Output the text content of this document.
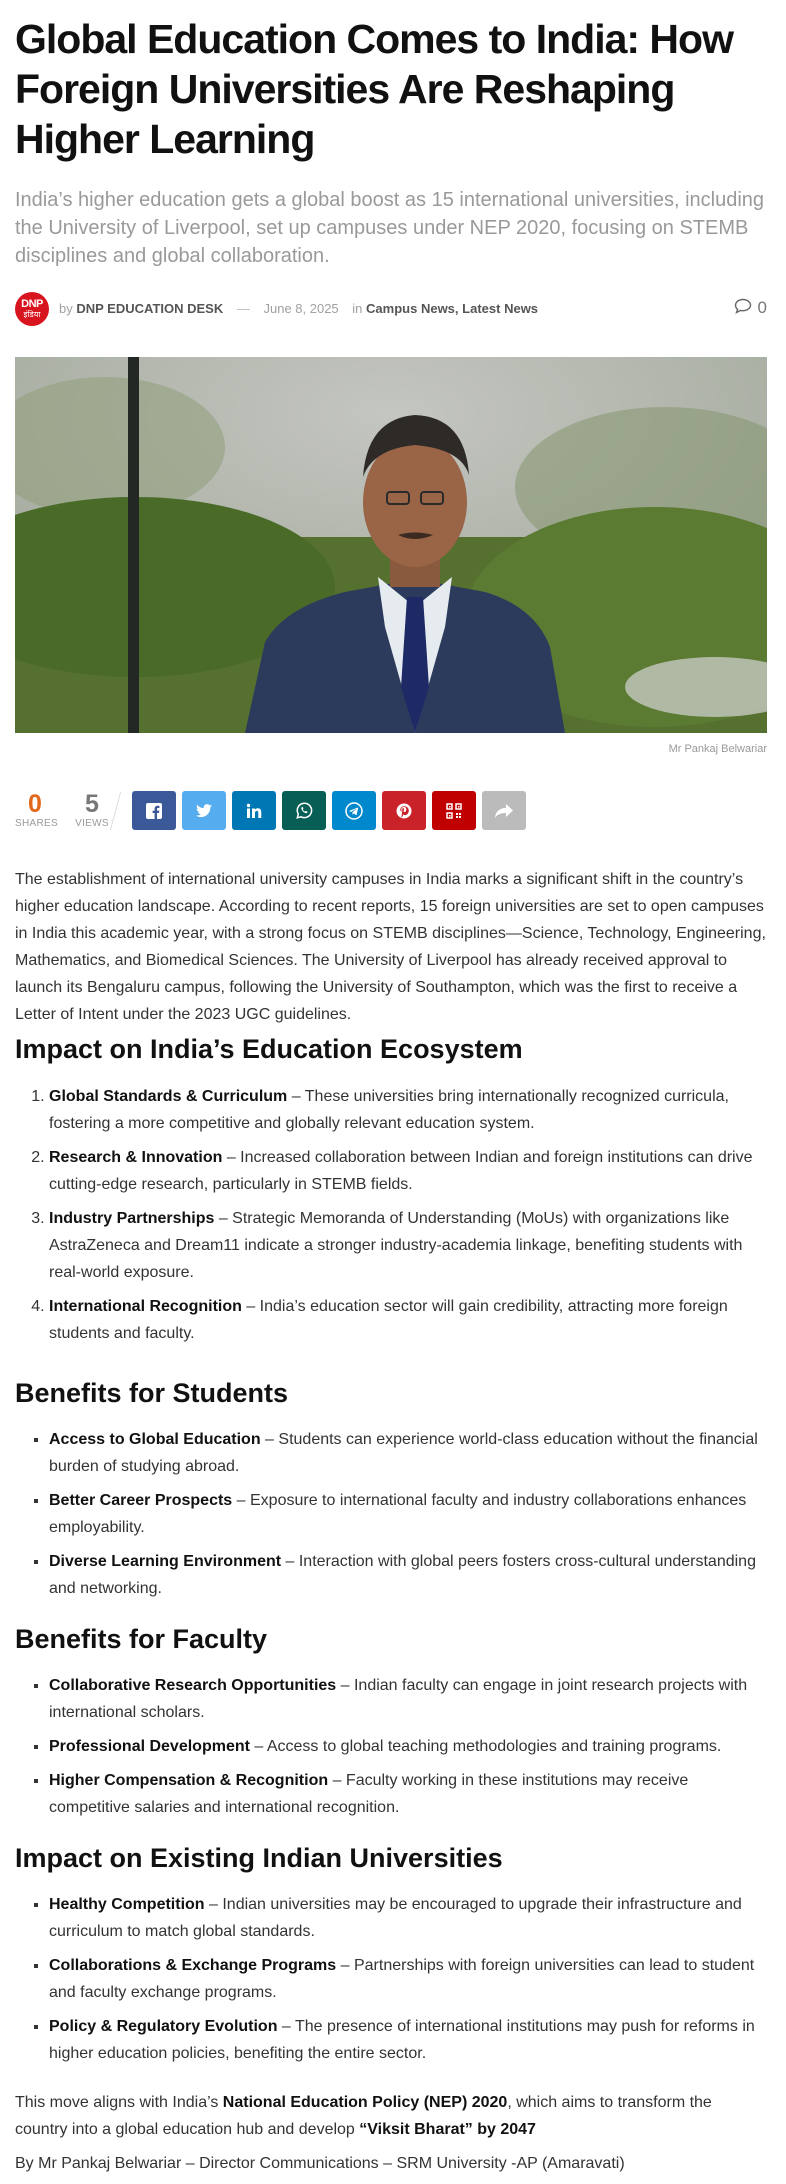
Global Education Comes to India: How Foreign Universities Are Reshaping Higher Learning

India’s higher education gets a global boost as 15 international universities, including the University of Liverpool, set up campuses under NEP 2020, focusing on STEMB disciplines and global collaboration.

DNP
इंडिया	by DNP EDUCATION DESK — June 8, 2025 in Campus News, Latest News	0
Mr Pankaj Belwariar
0
SHARES
5
VIEWS

The establishment of international university campuses in India marks a significant shift in the country’s higher education landscape. According to recent reports, 15 foreign universities are set to open campuses in India this academic year, with a strong focus on STEMB disciplines—Science, Technology, Engineering, Mathematics, and Biomedical Sciences. The University of Liverpool has already received approval to launch its Bengaluru campus, following the University of Southampton, which was the first to receive a Letter of Intent under the 2023 UGC guidelines.

Impact on India’s Education Ecosystem
1. Global Standards & Curriculum – These universities bring internationally recognized curricula, fostering a more competitive and globally relevant education system.
2. Research & Innovation – Increased collaboration between Indian and foreign institutions can drive cutting-edge research, particularly in STEMB fields.
3. Industry Partnerships – Strategic Memoranda of Understanding (MoUs) with organizations like AstraZeneca and Dream11 indicate a stronger industry-academia linkage, benefiting students with real-world exposure.
4. International Recognition – India’s education sector will gain credibility, attracting more foreign students and faculty.
Benefits for Students
▪ Access to Global Education – Students can experience world-class education without the financial burden of studying abroad.
▪ Better Career Prospects – Exposure to international faculty and industry collaborations enhances employability.
▪ Diverse Learning Environment – Interaction with global peers fosters cross-cultural understanding and networking.
Benefits for Faculty
▪ Collaborative Research Opportunities – Indian faculty can engage in joint research projects with international scholars.
▪ Professional Development – Access to global teaching methodologies and training programs.
▪ Higher Compensation & Recognition – Faculty working in these institutions may receive competitive salaries and international recognition.
Impact on Existing Indian Universities
▪ Healthy Competition – Indian universities may be encouraged to upgrade their infrastructure and curriculum to match global standards.
▪ Collaborations & Exchange Programs – Partnerships with foreign universities can lead to student and faculty exchange programs.
▪ Policy & Regulatory Evolution – The presence of international institutions may push for reforms in higher education policies, benefiting the entire sector.

This move aligns with India’s National Education Policy (NEP) 2020, which aims to transform the country into a global education hub and develop “Viksit Bharat” by 2047

By Mr Pankaj Belwariar – Director Communications – SRM University -AP (Amaravati)
